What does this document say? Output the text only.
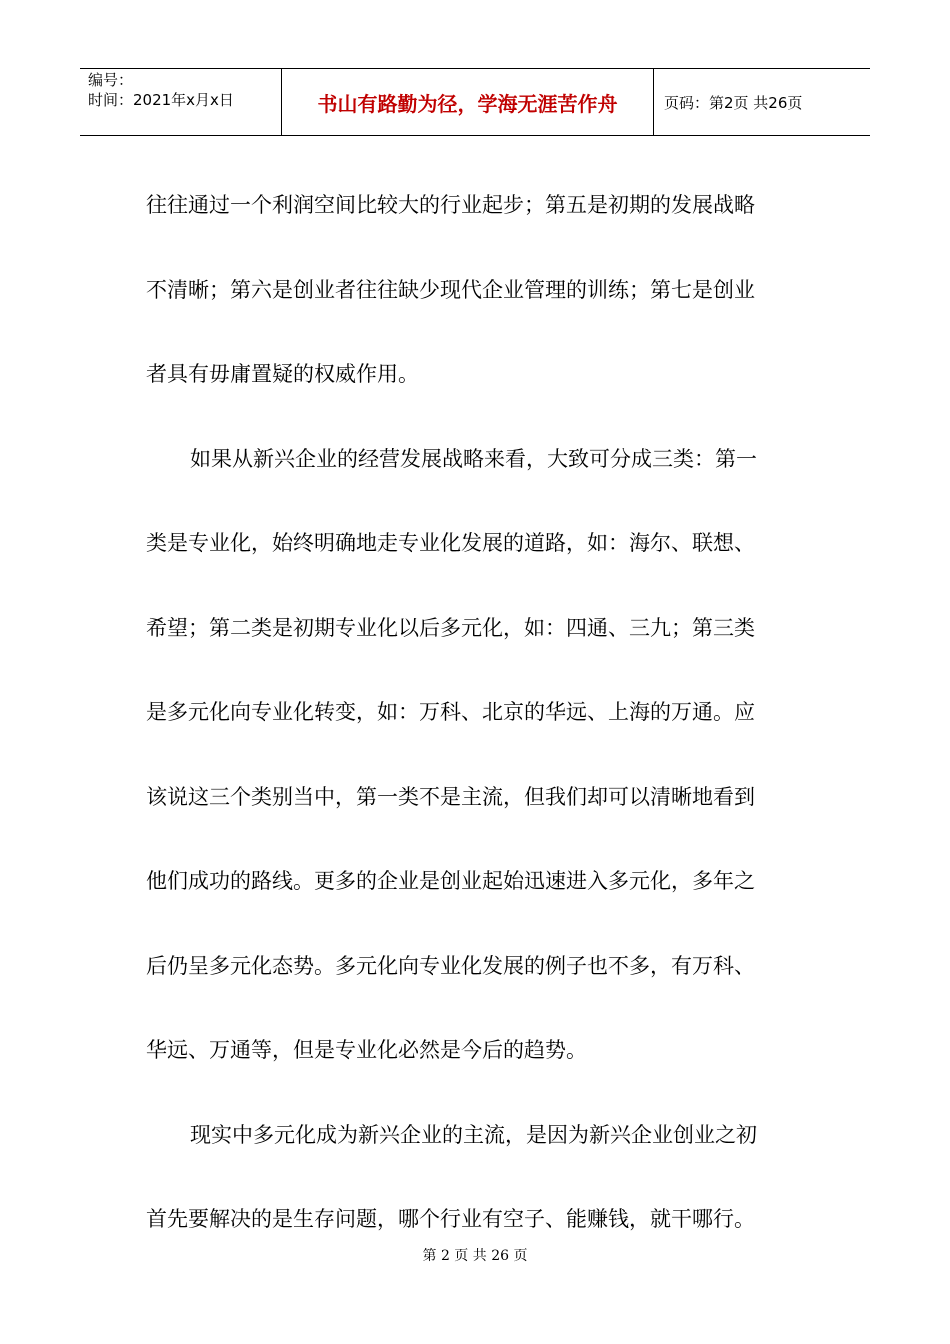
编号：
时间：2021年x月x日	书山有路勤为径，学海无涯苦作舟	页码：第2页 共26页

往往通过一个利润空间比较大的行业起步；第五是初期的发展战略
不清晰；第六是创业者往往缺少现代企业管理的训练；第七是创业
者具有毋庸置疑的权威作用。

如果从新兴企业的经营发展战略来看，大致可分成三类：第一
类是专业化，始终明确地走专业化发展的道路，如：海尔、联想、
希望；第二类是初期专业化以后多元化，如：四通、三九；第三类
是多元化向专业化转变，如：万科、北京的华远、上海的万通。应
该说这三个类别当中，第一类不是主流，但我们却可以清晰地看到
他们成功的路线。更多的企业是创业起始迅速进入多元化，多年之
后仍呈多元化态势。多元化向专业化发展的例子也不多，有万科、
华远、万通等，但是专业化必然是今后的趋势。

现实中多元化成为新兴企业的主流，是因为新兴企业创业之初
首先要解决的是生存问题，哪个行业有空子、能赚钱，就干哪行。

第 2 页 共 26 页
